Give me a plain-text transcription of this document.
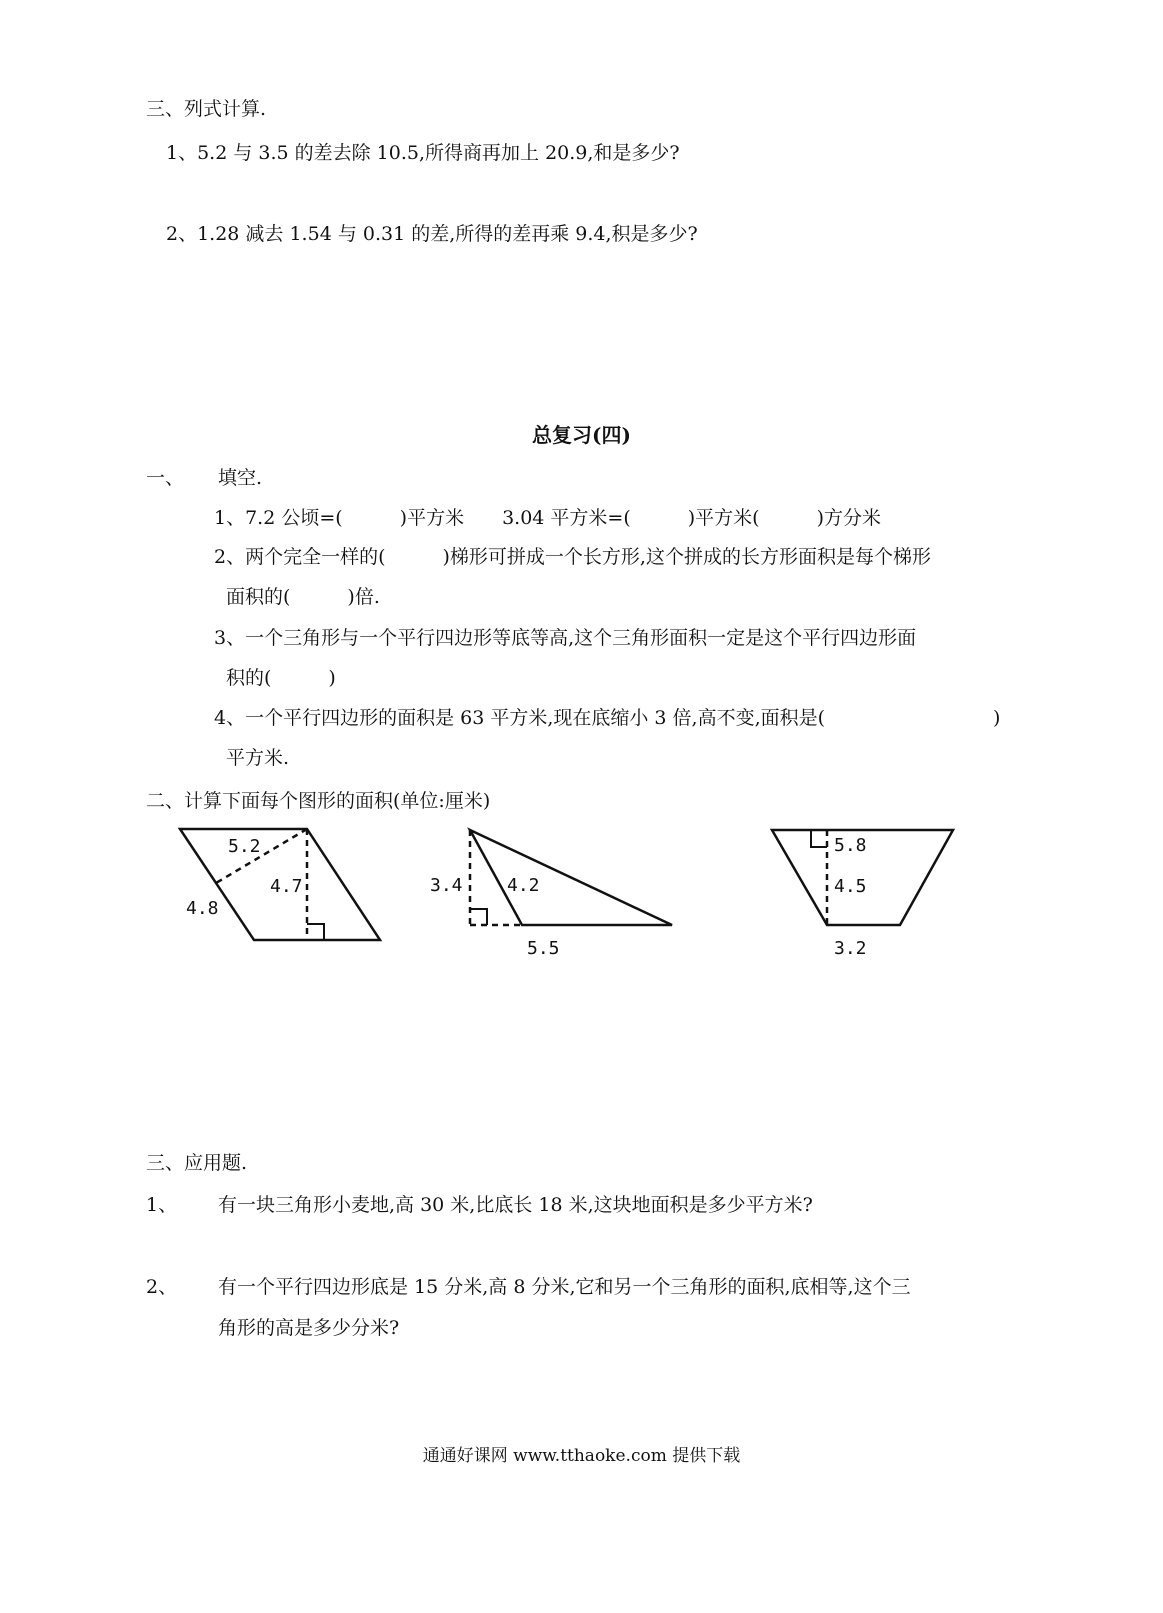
三、列式计算.
1、5.2 与 3.5 的差去除 10.5,所得商再加上 20.9,和是多少?
2、1.28 减去 1.54 与 0.31 的差,所得的差再乘 9.4,积是多少?
总复习(四)
一、 填空.
1、7.2 公顷=(　　　)平方米　　3.04 平方米=(　　　)平方米(　　　)方分米
2、两个完全一样的(　　　)梯形可拼成一个长方形,这个拼成的长方形面积是每个梯形
面积的(　　　)倍.
3、一个三角形与一个平行四边形等底等高,这个三角形面积一定是这个平行四边形面
积的(　　　)
4、一个平行四边形的面积是 63 平方米,现在底缩小 3 倍,高不变,面积是(	)
平方米.
二、计算下面每个图形的面积(单位:厘米)
5.2
4.7
4.8
3.4 4.2
5.5
5.8
4.5
3.2
三、应用题.
1、 有一块三角形小麦地,高 30 米,比底长 18 米,这块地面积是多少平方米?
2、 有一个平行四边形底是 15 分米,高 8 分米,它和另一个三角形的面积,底相等,这个三
角形的高是多少分米?
通通好课网 www.tthaoke.com 提供下载
